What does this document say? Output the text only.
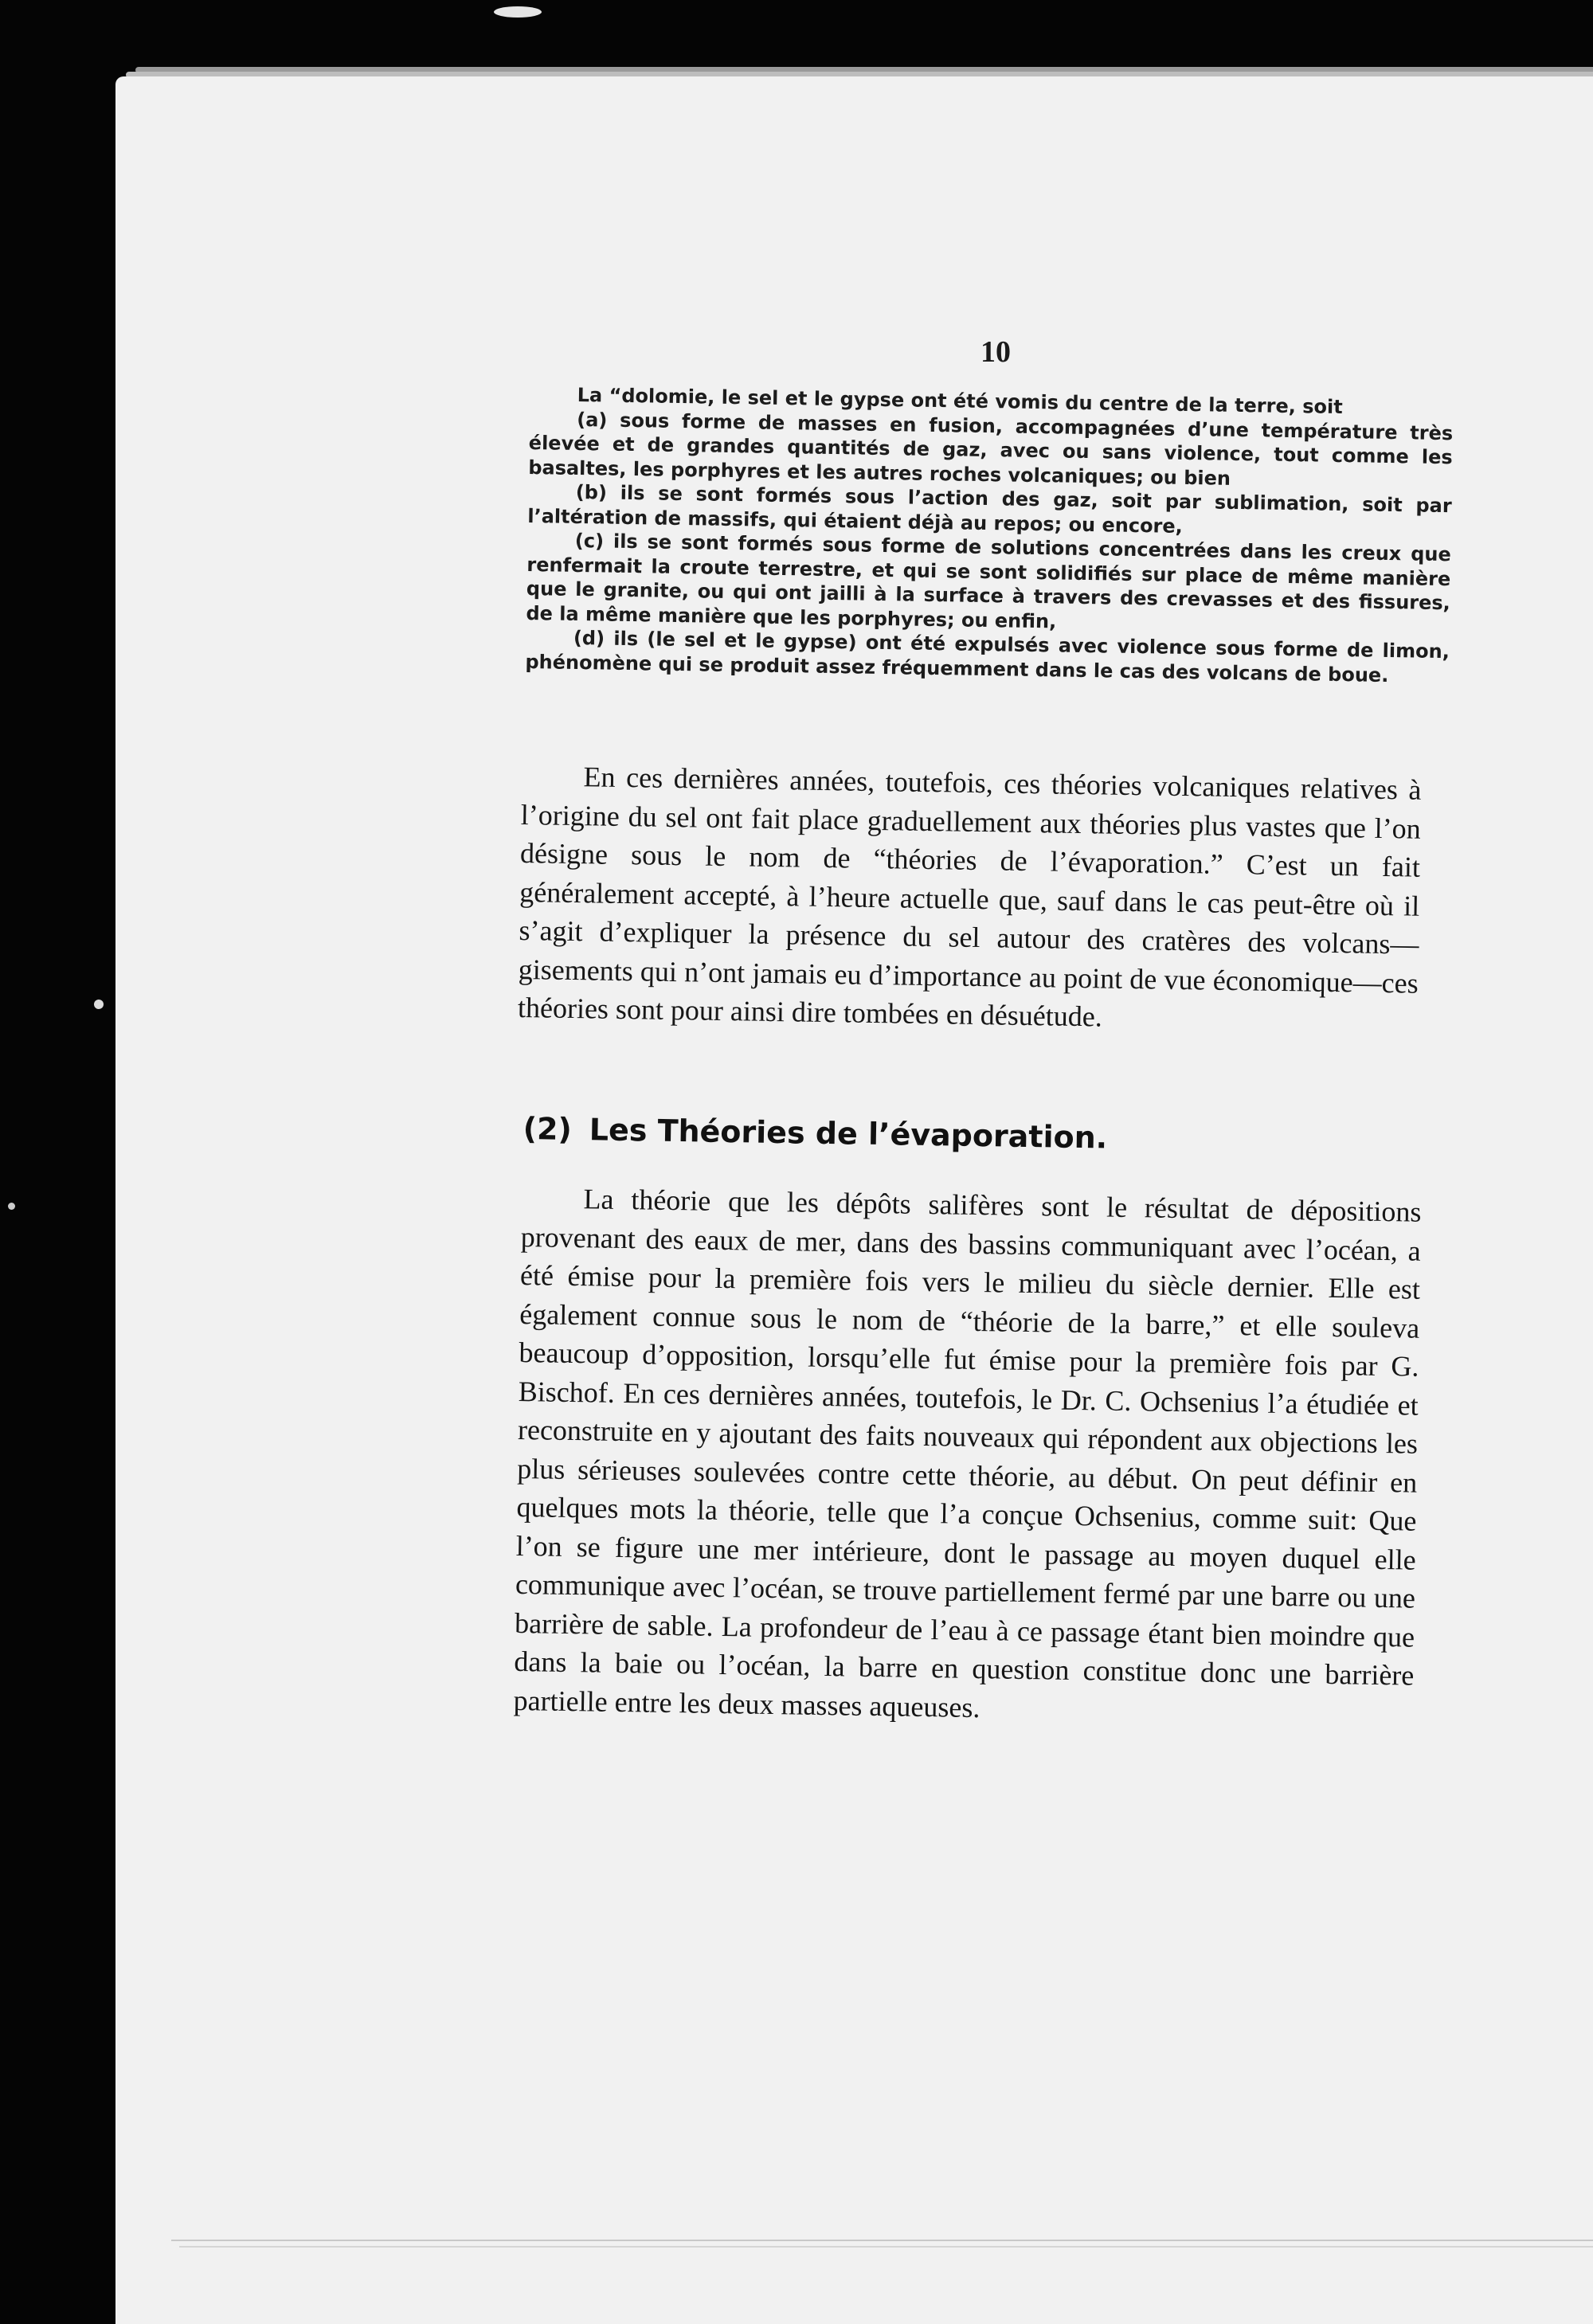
10

La “dolomie, le sel et le gypse ont été vomis du centre de la terre, soit

(a) sous forme de masses en fusion, accompagnées d’une température très élevée et de grandes quantités de gaz, avec ou sans violence, tout comme les basaltes, les porphyres et les autres roches volcaniques; ou bien

(b) ils se sont formés sous l’action des gaz, soit par sublimation, soit par l’altération de massifs, qui étaient déjà au repos; ou encore,

(c) ils se sont formés sous forme de solutions concentrées dans les creux que renfermait la croute terrestre, et qui se sont solidifiés sur place de même manière que le granite, ou qui ont jailli à la surface à travers des crevasses et des fissures, de la même manière que les porphyres; ou enfin,

(d) ils (le sel et le gypse) ont été expulsés avec violence sous forme de limon, phénomène qui se produit assez fréquemment dans le cas des volcans de boue.

En ces dernières années, toutefois, ces théories volcaniques relatives à l’origine du sel ont fait place graduellement aux théories plus vastes que l’on désigne sous le nom de “théories de l’évaporation.” C’est un fait généralement accepté, à l’heure actuelle que, sauf dans le cas peut-être où il s’agit d’expliquer la présence du sel autour des cratères des volcans—gisements qui n’ont jamais eu d’importance au point de vue économique—ces théories sont pour ainsi dire tombées en désuétude.

(2) Les Théories de l’évaporation.

La théorie que les dépôts salifères sont le résultat de dépositions provenant des eaux de mer, dans des bassins communiquant avec l’océan, a été émise pour la première fois vers le milieu du siècle dernier. Elle est également connue sous le nom de “théorie de la barre,” et elle souleva beaucoup d’opposition, lorsqu’elle fut émise pour la première fois par G. Bischof. En ces dernières années, toutefois, le Dr. C. Ochsenius l’a étudiée et reconstruite en y ajoutant des faits nouveaux qui répondent aux objections les plus sérieuses soulevées contre cette théorie, au début. On peut définir en quelques mots la théorie, telle que l’a conçue Ochsenius, comme suit: Que l’on se figure une mer intérieure, dont le passage au moyen duquel elle communique avec l’océan, se trouve partiellement fermé par une barre ou une barrière de sable. La profondeur de l’eau à ce passage étant bien moindre que dans la baie ou l’océan, la barre en question constitue donc une barrière partielle entre les deux masses aqueuses.
